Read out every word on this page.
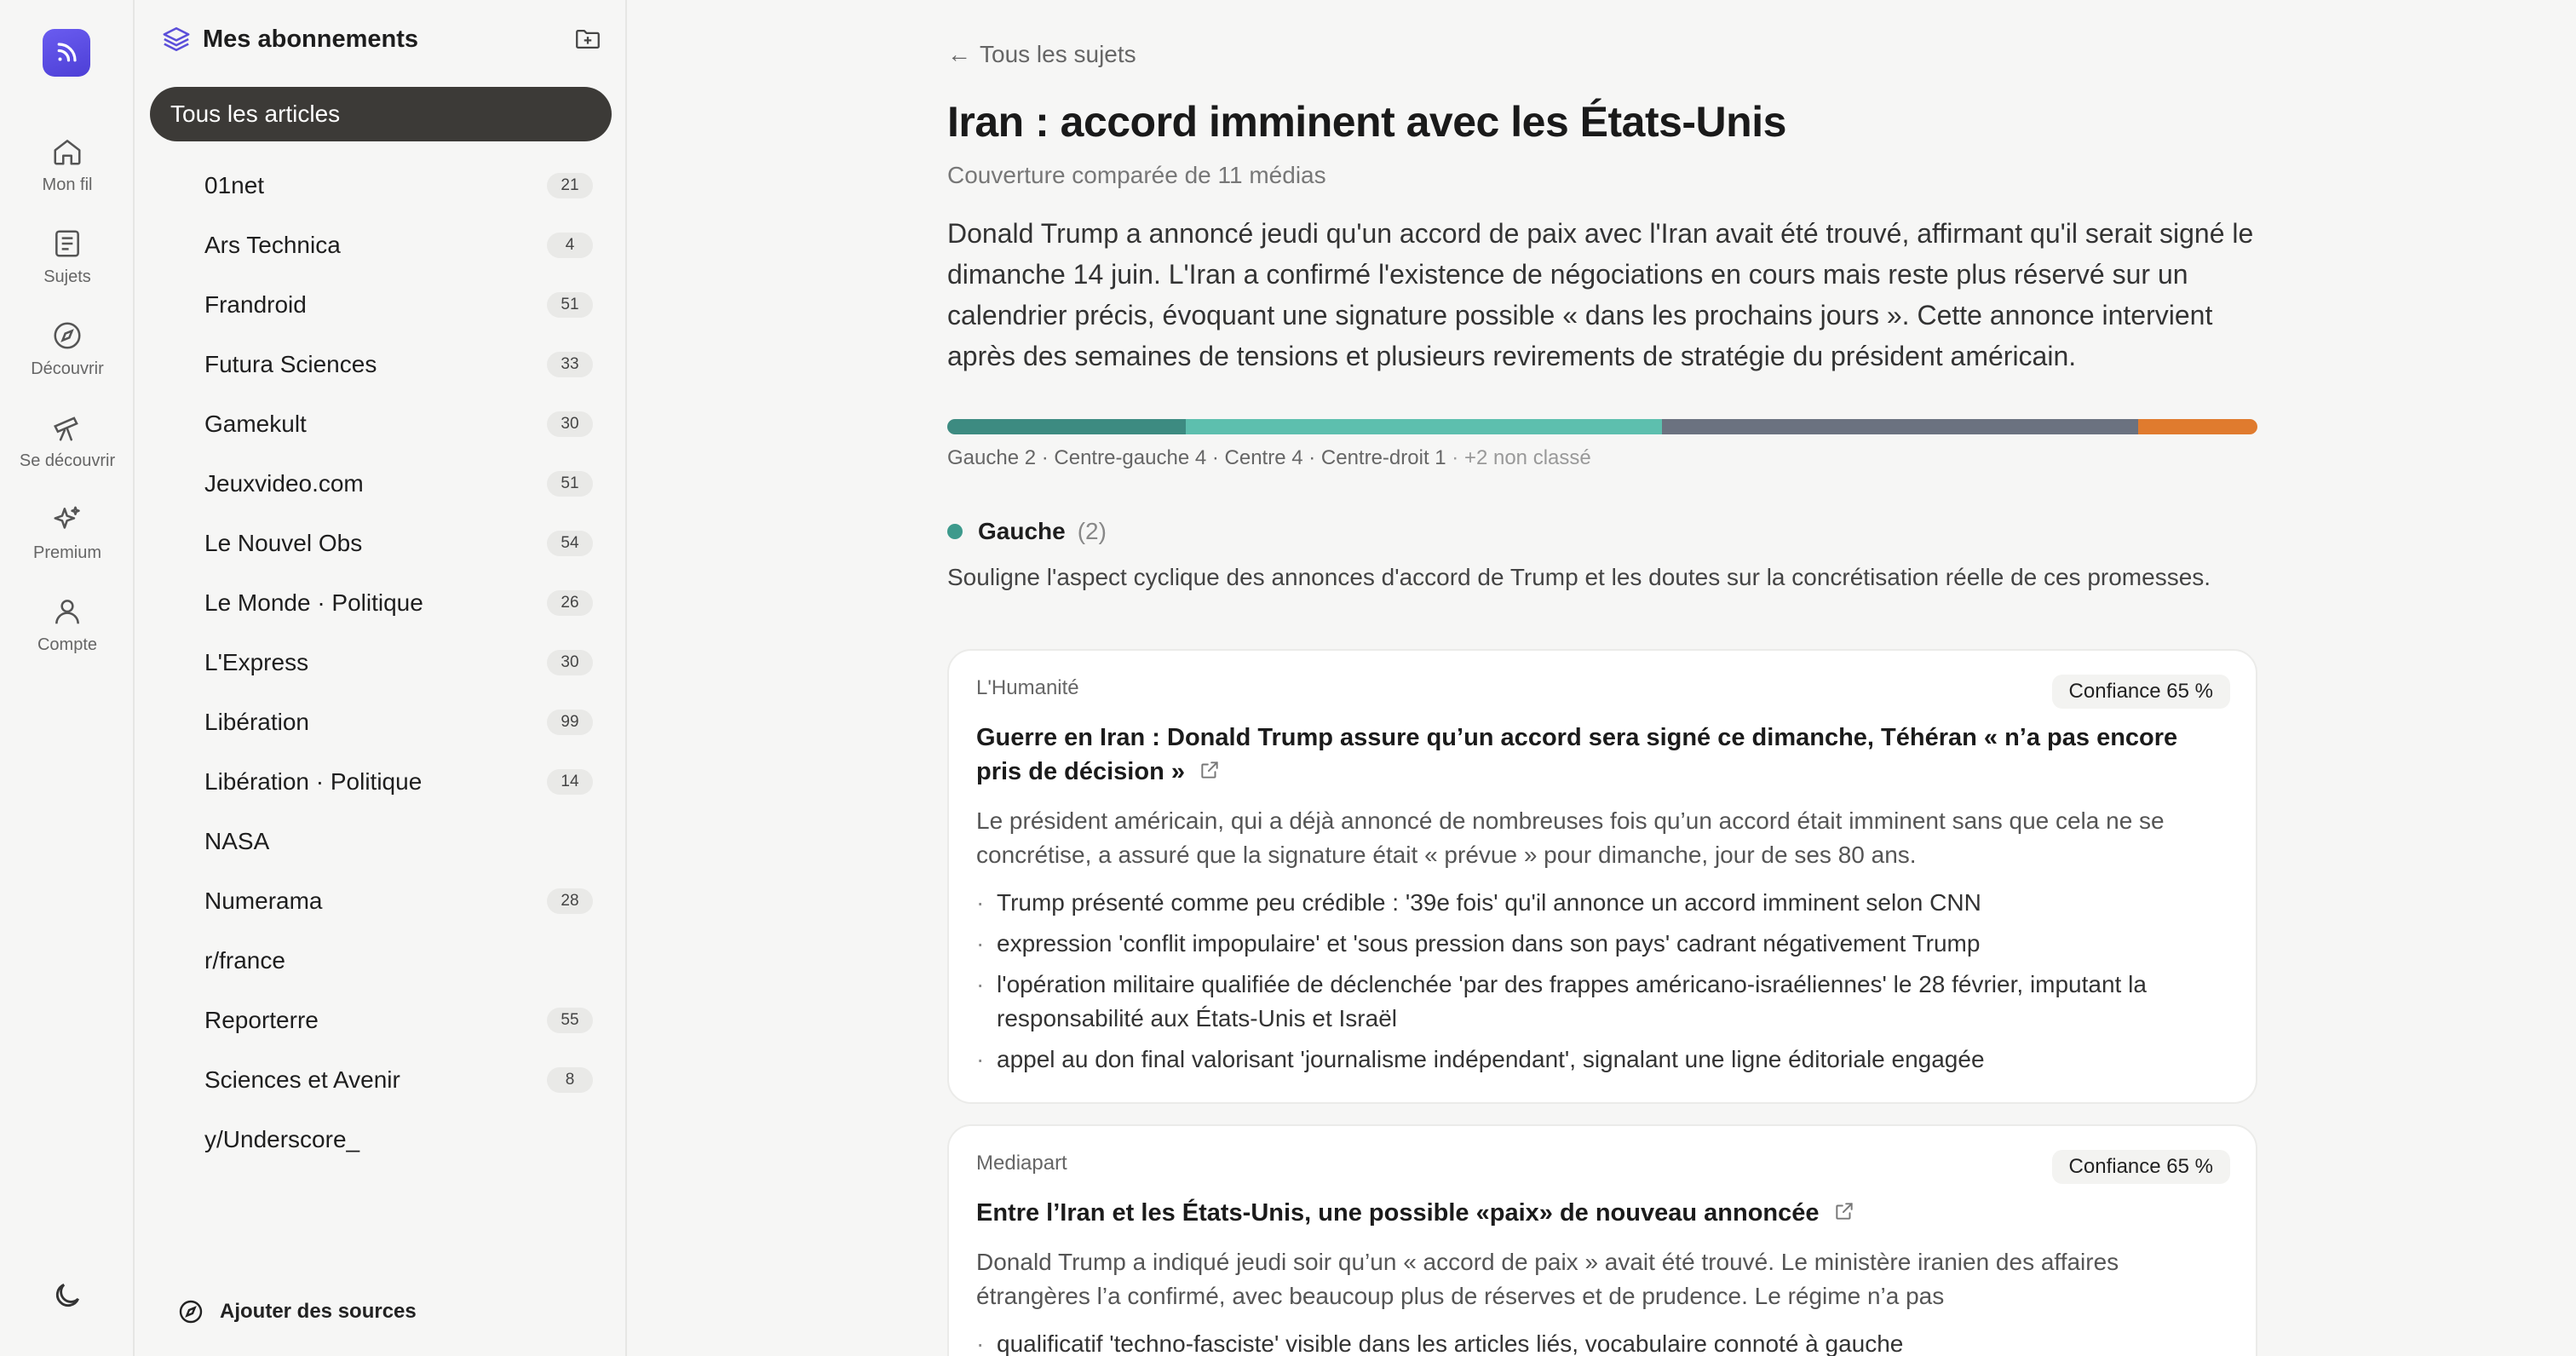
Mon fil
Sujets
Découvrir
Se découvrir
Premium
Compte
Mes abonnements
Tous les articles
01net	21
Ars Technica	4
Frandroid	51
Futura Sciences	33
Gamekult	30
Jeuxvideo.com	51
Le Nouvel Obs	54
Le Monde · Politique	26
L'Express	30
Libération	99
Libération · Politique	14
NASA
Numerama	28
r/france
Reporterre	55
Sciences et Avenir	8
y/Underscore_
Ajouter des sources
← Tous les sujets
Iran : accord imminent avec les États-Unis
Couverture comparée de 11 médias

Donald Trump a annoncé jeudi qu'un accord de paix avec l'Iran avait été trouvé, affirmant qu'il serait signé le dimanche 14 juin. L'Iran a confirmé l'existence de négociations en cours mais reste plus réservé sur un calendrier précis, évoquant une signature possible « dans les prochains jours ». Cette annonce intervient après des semaines de tensions et plusieurs revirements de stratégie du président américain.

Gauche 2 · Centre-gauche 4 · Centre 4 · Centre-droit 1 · +2 non classé
Gauche (2)

Souligne l'aspect cyclique des annonces d'accord de Trump et les doutes sur la concrétisation réelle de ces promesses.

L'Humanité	Confiance 65 %
Guerre en Iran : Donald Trump assure qu’un accord sera signé ce dimanche, Téhéran « n’a pas encore pris de décision »

Le président américain, qui a déjà annoncé de nombreuses fois qu’un accord était imminent sans que cela ne se concrétise, a assuré que la signature était « prévue » pour dimanche, jour de ses 80 ans.

· Trump présenté comme peu crédible : '39e fois' qu'il annonce un accord imminent selon CNN
· expression 'conflit impopulaire' et 'sous pression dans son pays' cadrant négativement Trump
· l'opération militaire qualifiée de déclenchée 'par des frappes américano-israéliennes' le 28 février, imputant la responsabilité aux États-Unis et Israël
· appel au don final valorisant 'journalisme indépendant', signalant une ligne éditoriale engagée
Mediapart	Confiance 65 %
Entre l’Iran et les États-Unis, une possible «paix» de nouveau annoncée

Donald Trump a indiqué jeudi soir qu’un « accord de paix » avait été trouvé. Le ministère iranien des affaires étrangères l’a confirmé, avec beaucoup plus de réserves et de prudence. Le régime n’a pas

· qualificatif 'techno-fasciste' visible dans les articles liés, vocabulaire connoté à gauche
